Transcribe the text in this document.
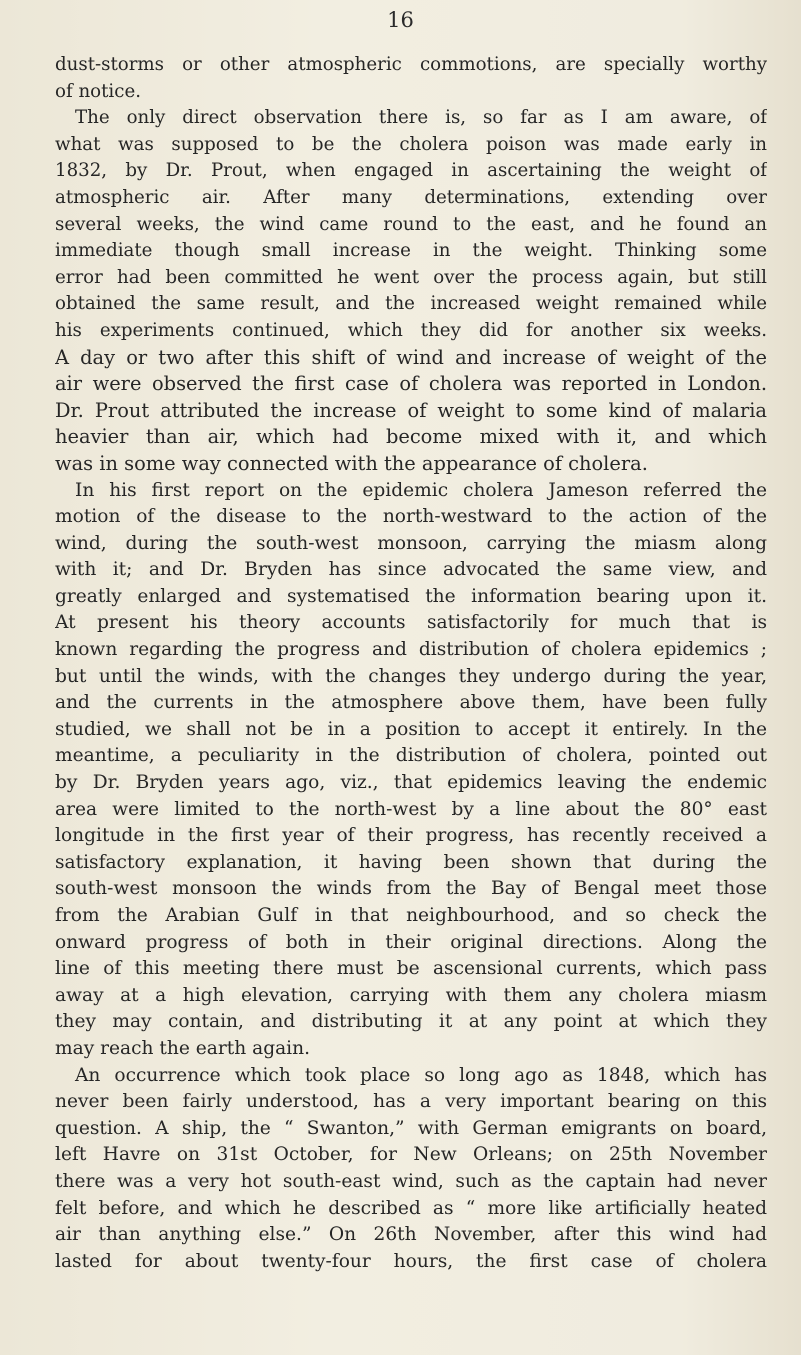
16
dust-storms or other atmospheric commotions, are specially worthy
of notice.
The only direct observation there is, so far as I am aware, of
what was supposed to be the cholera poison was made early in
1832, by Dr. Prout, when engaged in ascertaining the weight of
atmospheric air. After many determinations, extending over
several weeks, the wind came round to the east, and he found an
immediate though small increase in the weight. Thinking some
error had been committed he went over the process again, but still
obtained the same result, and the increased weight remained while
his experiments continued, which they did for another six weeks.
A day or two after this shift of wind and increase of weight of the
air were observed the first case of cholera was reported in London.
Dr. Prout attributed the increase of weight to some kind of malaria
heavier than air, which had become mixed with it, and which
was in some way connected with the appearance of cholera.
In his first report on the epidemic cholera Jameson referred the
motion of the disease to the north-westward to the action of the
wind, during the south-west monsoon, carrying the miasm along
with it; and Dr. Bryden has since advocated the same view, and
greatly enlarged and systematised the information bearing upon it.
At present his theory accounts satisfactorily for much that is
known regarding the progress and distribution of cholera epidemics ;
but until the winds, with the changes they undergo during the year,
and the currents in the atmosphere above them, have been fully
studied, we shall not be in a position to accept it entirely. In the
meantime, a peculiarity in the distribution of cholera, pointed out
by Dr. Bryden years ago, viz., that epidemics leaving the endemic
area were limited to the north-west by a line about the 80° east
longitude in the first year of their progress, has recently received a
satisfactory explanation, it having been shown that during the
south-west monsoon the winds from the Bay of Bengal meet those
from the Arabian Gulf in that neighbourhood, and so check the
onward progress of both in their original directions. Along the
line of this meeting there must be ascensional currents, which pass
away at a high elevation, carrying with them any cholera miasm
they may contain, and distributing it at any point at which they
may reach the earth again.
An occurrence which took place so long ago as 1848, which has
never been fairly understood, has a very important bearing on this
question. A ship, the “ Swanton,” with German emigrants on board,
left Havre on 31st October, for New Orleans; on 25th November
there was a very hot south-east wind, such as the captain had never
felt before, and which he described as “ more like artificially heated
air than anything else.” On 26th November, after this wind had
lasted for about twenty-four hours, the first case of cholera
